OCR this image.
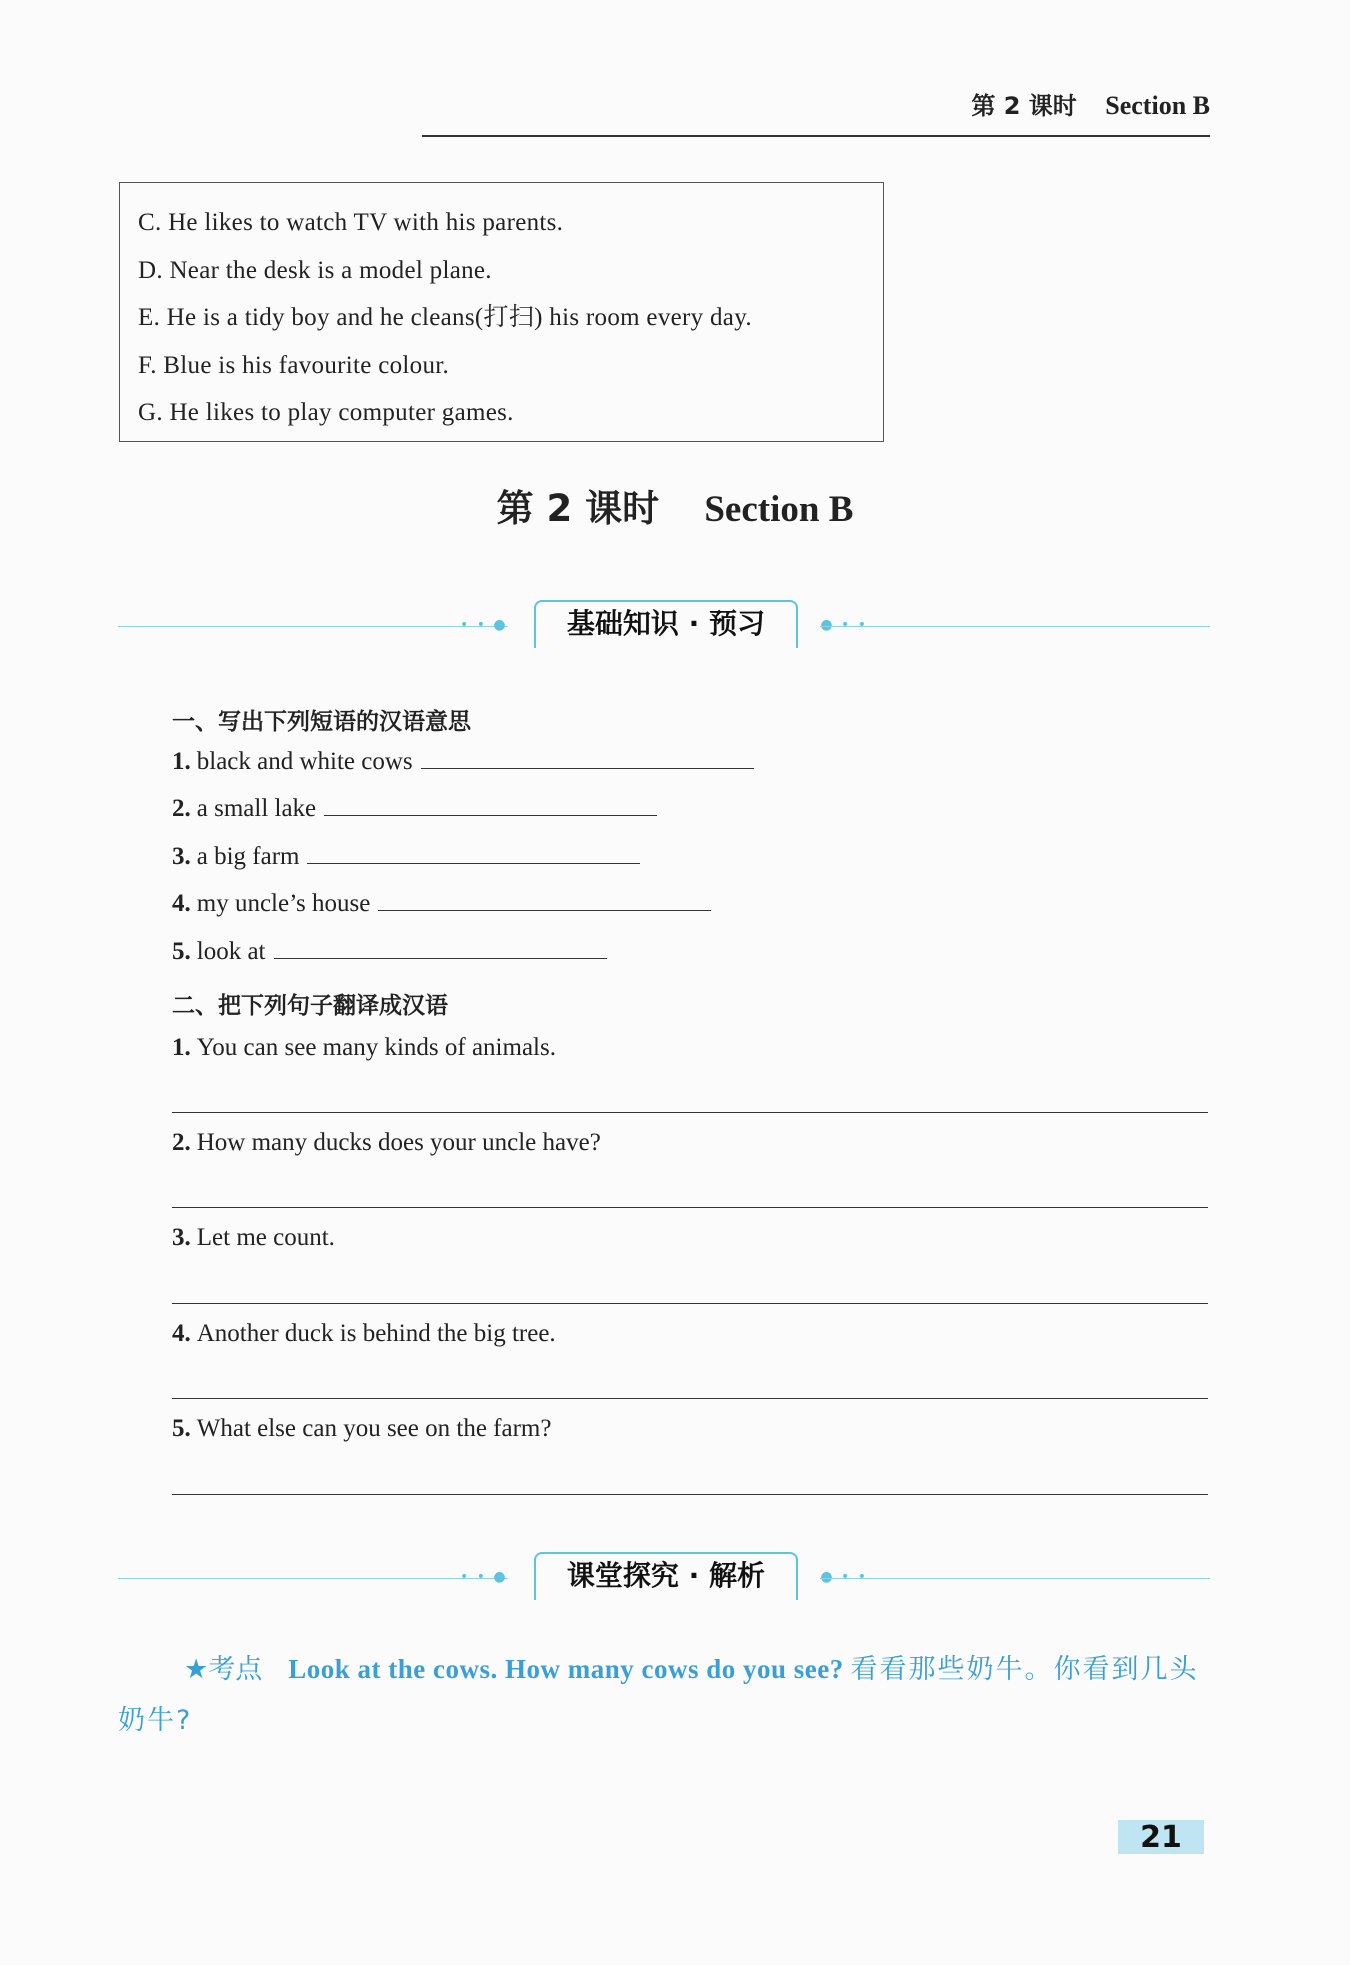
第 2 课时 Section B
C. He likes to watch TV with his parents.
D. Near the desk is a model plane.
E. He is a tidy boy and he cleans(打扫) his room every day.
F. Blue is his favourite colour.
G. He likes to play computer games.
第 2 课时 Section B
• • ●	基础知识 · 预习	● • •
一、写出下列短语的汉语意思
1. black and white cows
2. a small lake
3. a big farm
4. my uncle’s house
5. look at
二、把下列句子翻译成汉语
1. You can see many kinds of animals.
2. How many ducks does your uncle have?
3. Let me count.
4. Another duck is behind the big tree.
5. What else can you see on the farm?
• • ●	课堂探究 · 解析	● • •
★考点 Look at the cows. How many cows do you see? 看看那些奶牛。你看到几头奶牛?
21
